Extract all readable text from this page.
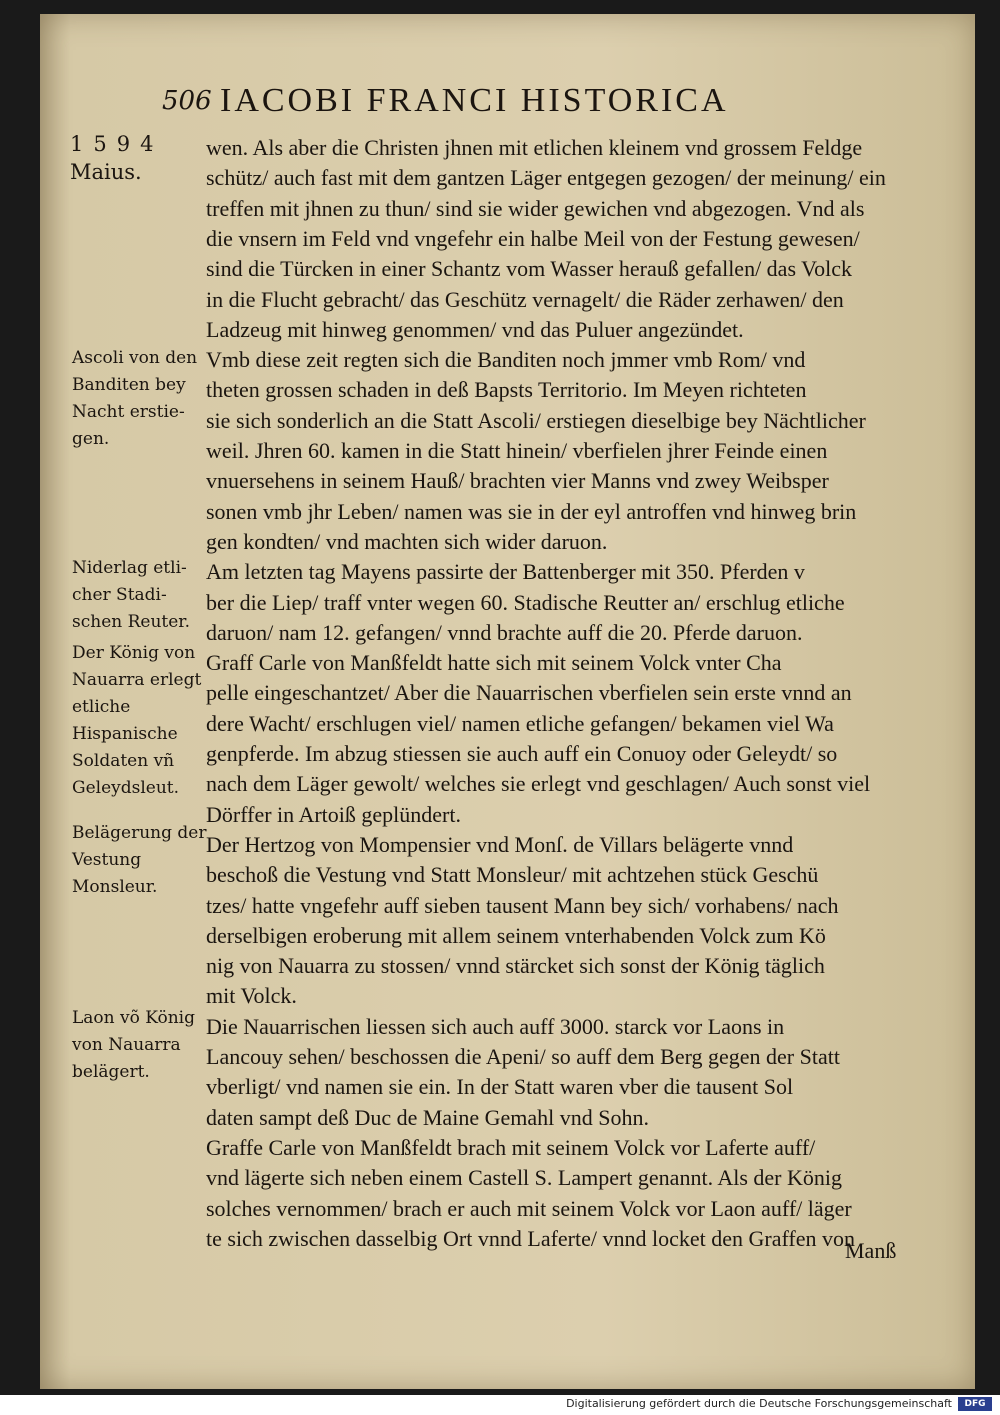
506 IACOBI FRANCI HISTORICA
1594
Maius.
Ascoli von den Banditen bey Nacht erstiegen.
Niderlag etlicher Stadischen Reuter.
Der König von Nauarra erlegt etliche Hispanische Soldaten vñ Geleydsleut.
Belägerung der Vestung Monsleur.
Laon võ König von Nauarra belägert.
wen. Als aber die Christen jhnen mit etlichen kleinem vnd grossem Feldge
schütz/ auch fast mit dem gantzen Läger entgegen gezogen/ der meinung/ ein
treffen mit jhnen zu thun/ sind sie wider gewichen vnd abgezogen. Vnd als
die vnsern im Feld vnd vngefehr ein halbe Meil von der Festung gewesen/
sind die Türcken in einer Schantz vom Wasser herauß gefallen/ das Volck
in die Flucht gebracht/ das Geschütz vernagelt/ die Räder zerhawen/ den
Ladzeug mit hinweg genommen/ vnd das Puluer angezündet.
Vmb diese zeit regten sich die Banditen noch jmmer vmb Rom/ vnd
theten grossen schaden in deß Bapsts Territorio. Im Meyen richteten
sie sich sonderlich an die Statt Ascoli/ erstiegen dieselbige bey Nächtlicher
weil. Jhren 60. kamen in die Statt hinein/ vberfielen jhrer Feinde einen
vnuersehens in seinem Hauß/ brachten vier Manns vnd zwey Weibsper
sonen vmb jhr Leben/ namen was sie in der eyl antroffen vnd hinweg brin
gen kondten/ vnd machten sich wider daruon.
Am letzten tag Mayens passirte der Battenberger mit 350. Pferden v
ber die Liep/ traff vnter wegen 60. Stadische Reutter an/ erschlug etliche
daruon/ nam 12. gefangen/ vnnd brachte auff die 20. Pferde daruon.
Graff Carle von Manßfeldt hatte sich mit seinem Volck vnter Cha
pelle eingeschantzet/ Aber die Nauarrischen vberfielen sein erste vnnd an
dere Wacht/ erschlugen viel/ namen etliche gefangen/ bekamen viel Wa
genpferde. Im abzug stiessen sie auch auff ein Conuoy oder Geleydt/ so
nach dem Läger gewolt/ welches sie erlegt vnd geschlagen/ Auch sonst viel
Dörffer in Artoiß geplündert.
Der Hertzog von Mompensier vnd Monſ. de Villars belägerte vnnd
beschoß die Vestung vnd Statt Monsleur/ mit achtzehen stück Geschü
tzes/ hatte vngefehr auff sieben tausent Mann bey sich/ vorhabens/ nach
derselbigen eroberung mit allem seinem vnterhabenden Volck zum Kö
nig von Nauarra zu stossen/ vnnd stärcket sich sonst der König täglich
mit Volck.
Die Nauarrischen liessen sich auch auff 3000. starck vor Laons in
Lancouy sehen/ beschossen die Apeni/ so auff dem Berg gegen der Statt
vberligt/ vnd namen sie ein. In der Statt waren vber die tausent Sol
daten sampt deß Duc de Maine Gemahl vnd Sohn.
Graffe Carle von Manßfeldt brach mit seinem Volck vor Laferte auff/
vnd lägerte sich neben einem Castell S. Lampert genannt. Als der König
solches vernommen/ brach er auch mit seinem Volck vor Laon auff/ läger
te sich zwischen dasselbig Ort vnnd Laferte/ vnnd locket den Graffen von
Manß
Digitalisierung gefördert durch die Deutsche Forschungsgemeinschaft	DFG
